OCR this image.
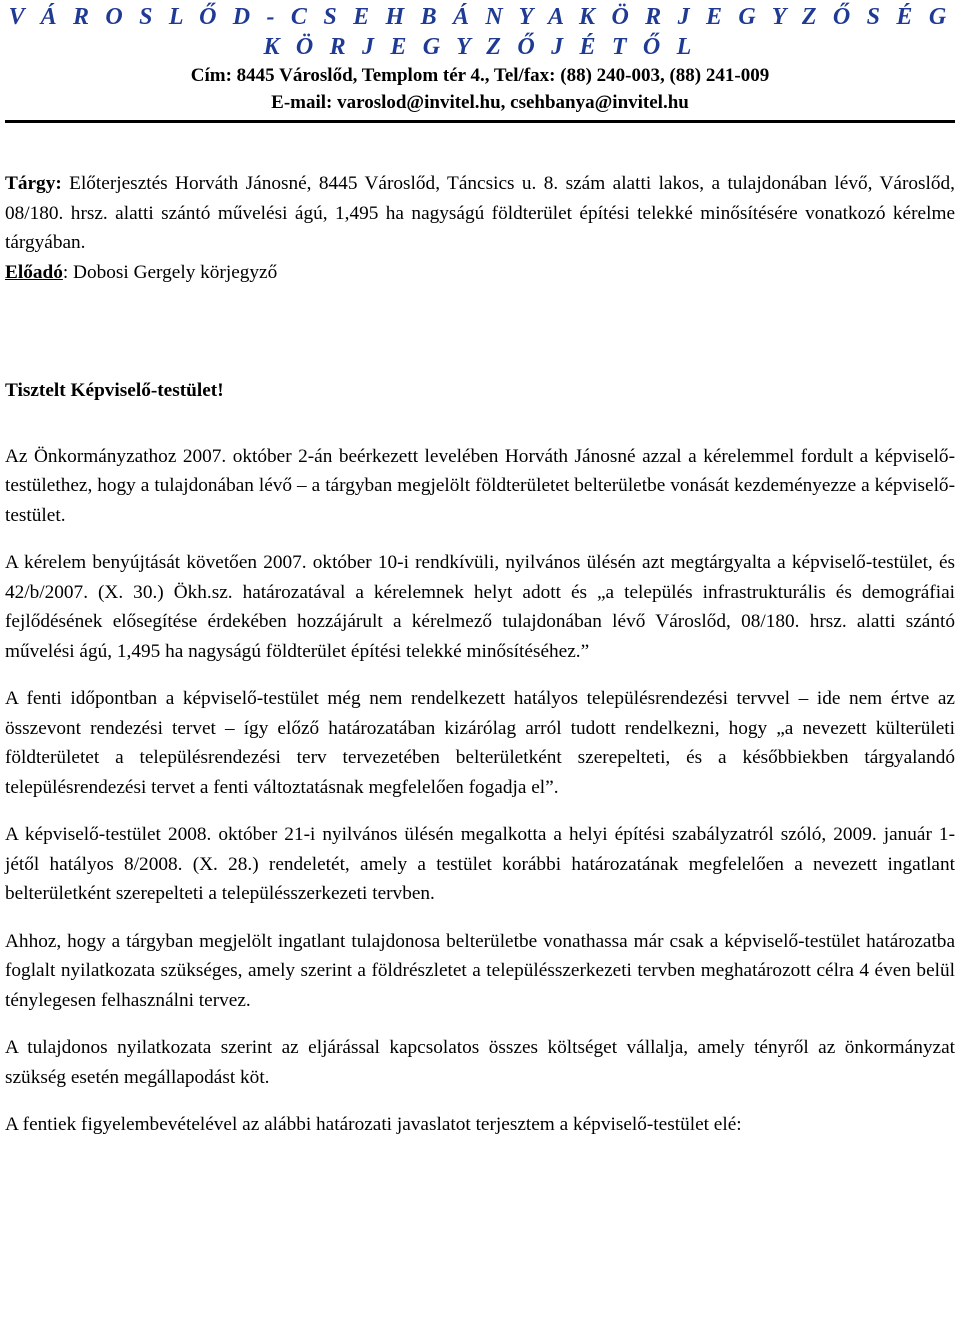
V Á R O S L Ő D - C S E H B Á N Y A K Ö R J E G Y Z Ő S É G
K Ö R J E G Y Z Ő J É T Ő L
Cím: 8445 Városlőd, Templom tér 4., Tel/fax: (88) 240-003, (88) 241-009
E-mail: varoslod@invitel.hu, csehbanya@invitel.hu

Tárgy: Előterjesztés Horváth Jánosné, 8445 Városlőd, Táncsics u. 8. szám alatti lakos, a tulajdonában lévő, Városlőd, 08/180. hrsz. alatti szántó művelési ágú, 1,495 ha nagyságú földterület építési telekké minősítésére vonatkozó kérelme tárgyában.

Előadó: Dobosi Gergely körjegyző

Tisztelt Képviselő-testület!

Az Önkormányzathoz 2007. október 2-án beérkezett levelében Horváth Jánosné azzal a kérelemmel fordult a képviselő-testülethez, hogy a tulajdonában lévő – a tárgyban megjelölt földterületet belterületbe vonását kezdeményezze a képviselő-testület.

A kérelem benyújtását követően 2007. október 10-i rendkívüli, nyilvános ülésén azt megtárgyalta a képviselő-testület, és 42/b/2007. (X. 30.) Ökh.sz. határozatával a kérelemnek helyt adott és „a település infrastrukturális és demográfiai fejlődésének elősegítése érdekében hozzájárult a kérelmező tulajdonában lévő Városlőd, 08/180. hrsz. alatti szántó művelési ágú, 1,495 ha nagyságú földterület építési telekké minősítéséhez.”

A fenti időpontban a képviselő-testület még nem rendelkezett hatályos településrendezési tervvel – ide nem értve az összevont rendezési tervet – így előző határozatában kizárólag arról tudott rendelkezni, hogy „a nevezett külterületi földterületet a településrendezési terv tervezetében belterületként szerepelteti, és a későbbiekben tárgyalandó településrendezési tervet a fenti változtatásnak megfelelően fogadja el”.

A képviselő-testület 2008. október 21-i nyilvános ülésén megalkotta a helyi építési szabályzatról szóló, 2009. január 1-jétől hatályos 8/2008. (X. 28.) rendeletét, amely a testület korábbi határozatának megfelelően a nevezett ingatlant belterületként szerepelteti a településszerkezeti tervben.

Ahhoz, hogy a tárgyban megjelölt ingatlant tulajdonosa belterületbe vonathassa már csak a képviselő-testület határozatba foglalt nyilatkozata szükséges, amely szerint a földrészletet a településszerkezeti tervben meghatározott célra 4 éven belül ténylegesen felhasználni tervez.

A tulajdonos nyilatkozata szerint az eljárással kapcsolatos összes költséget vállalja, amely tényről az önkormányzat szükség esetén megállapodást köt.

A fentiek figyelembevételével az alábbi határozati javaslatot terjesztem a képviselő-testület elé:
